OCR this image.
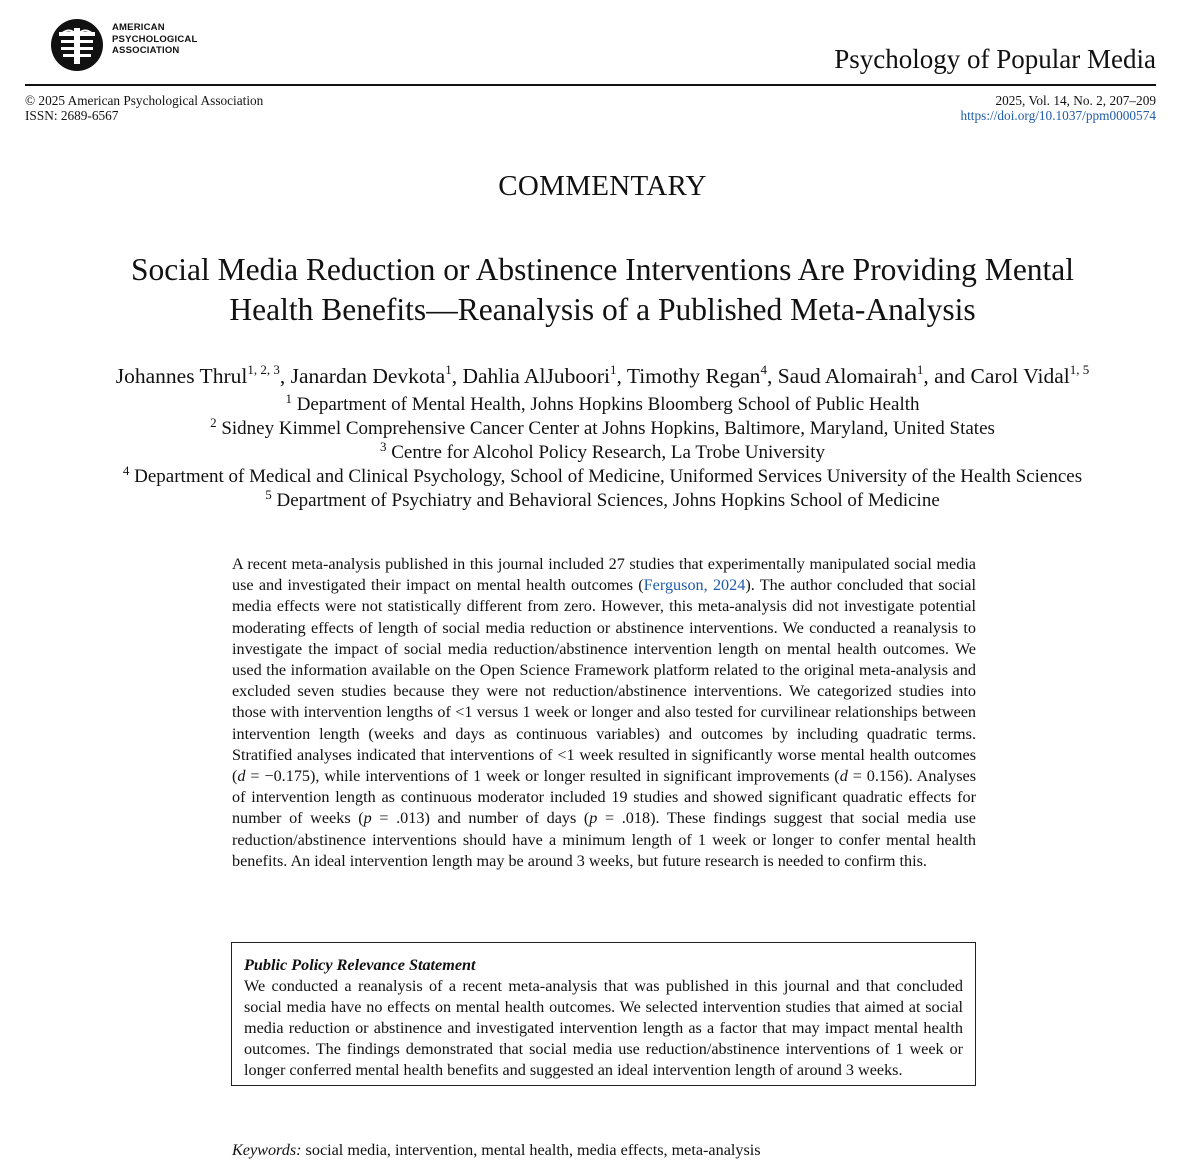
AMERICAN
PSYCHOLOGICAL
ASSOCIATION	Psychology of Popular Media
© 2025 American Psychological Association
ISSN: 2689-6567
2025, Vol. 14, No. 2, 207–209
https://doi.org/10.1037/ppm0000574
COMMENTARY
Social Media Reduction or Abstinence Interventions Are Providing Mental
Health Benefits—Reanalysis of a Published Meta-Analysis
Johannes Thrul$^{1, 2, 3}$, Janardan Devkota$^1$, Dahlia AlJuboori$^1$, Timothy Regan$^4$, Saud Alomairah$^1$, and Carol Vidal$^{1, 5}$
$^1$ Department of Mental Health, Johns Hopkins Bloomberg School of Public Health
$^2$ Sidney Kimmel Comprehensive Cancer Center at Johns Hopkins, Baltimore, Maryland, United States
$^3$ Centre for Alcohol Policy Research, La Trobe University
$^4$ Department of Medical and Clinical Psychology, School of Medicine, Uniformed Services University of the Health Sciences
$^5$ Department of Psychiatry and Behavioral Sciences, Johns Hopkins School of Medicine
A recent meta-analysis published in this journal included 27 studies that experimentally manipulated social media use and investigated their impact on mental health outcomes (Ferguson, 2024). The author concluded that social media effects were not statistically different from zero. However, this meta-analysis did not investigate potential moderating effects of length of social media reduction or abstinence interventions. We conducted a reanalysis to investigate the impact of social media reduction/abstinence intervention length on mental health outcomes. We used the information available on the Open Science Framework platform related to the original meta-analysis and excluded seven studies because they were not reduction/abstinence interventions. We categorized studies into those with intervention lengths of <1 versus 1 week or longer and also tested for curvilinear relationships between intervention length (weeks and days as continuous variables) and outcomes by including quadratic terms. Stratified analyses indicated that interventions of <1 week resulted in significantly worse mental health outcomes (d = −0.175), while interventions of 1 week or longer resulted in significant improvements (d = 0.156). Analyses of intervention length as continuous moderator included 19 studies and showed significant quadratic effects for number of weeks (p = .013) and number of days (p = .018). These findings suggest that social media use reduction/abstinence interventions should have a minimum length of 1 week or longer to confer mental health benefits. An ideal intervention length may be around 3 weeks, but future research is needed to confirm this.
Public Policy Relevance Statement
We conducted a reanalysis of a recent meta-analysis that was published in this journal and that concluded social media have no effects on mental health outcomes. We selected intervention studies that aimed at social media reduction or abstinence and investigated intervention length as a factor that may impact mental health outcomes. The findings demonstrated that social media use reduction/abstinence interventions of 1 week or longer conferred mental health benefits and suggested an ideal intervention length of around 3 weeks.
Keywords: social media, intervention, mental health, media effects, meta-analysis
